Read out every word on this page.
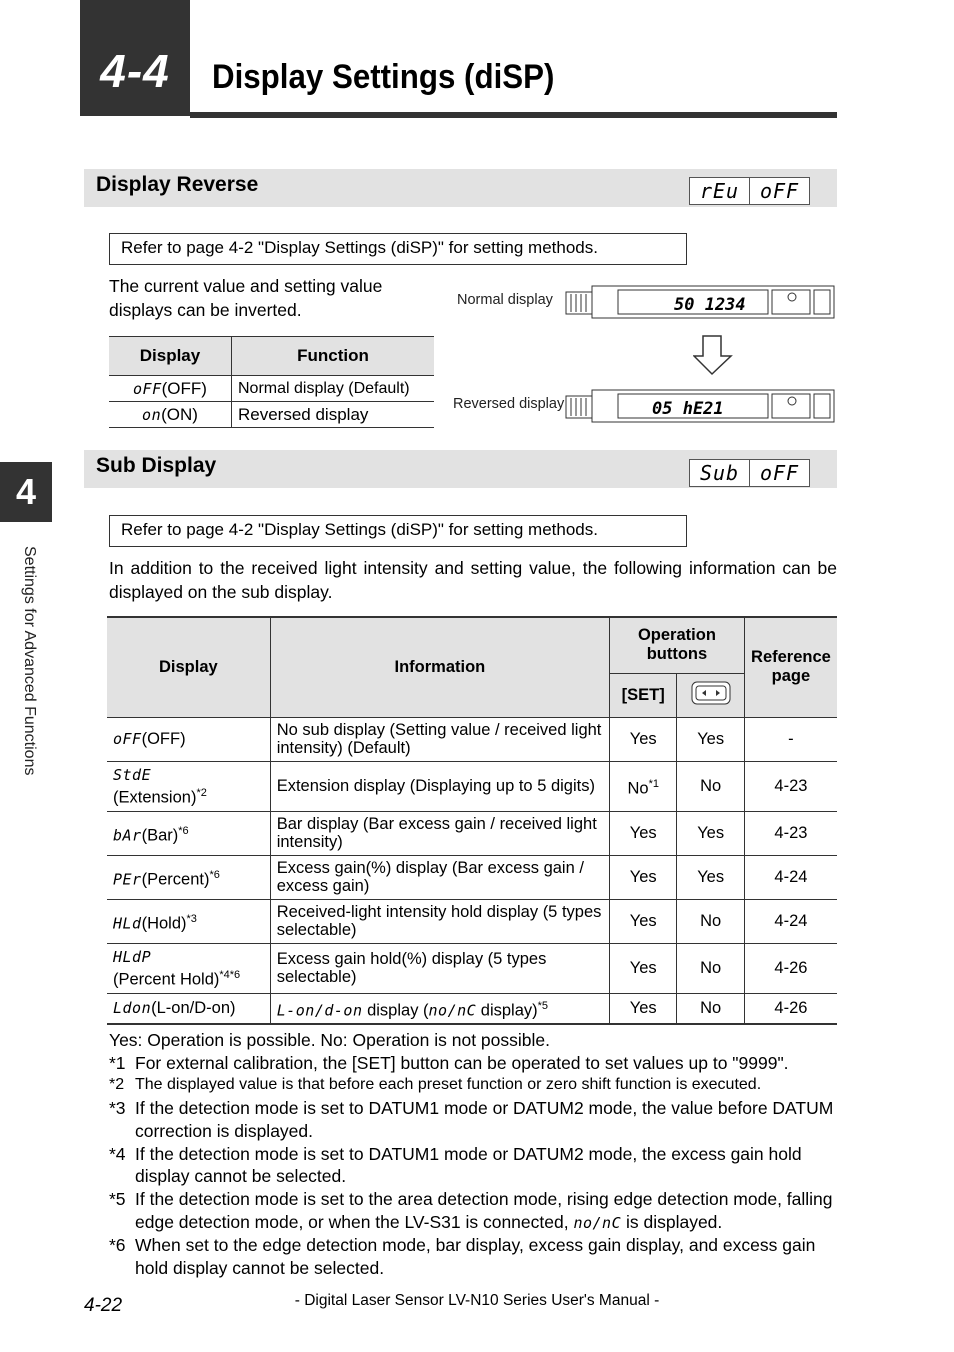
4-4	Display Settings (diSP)
4
Settings for Advanced Functions
Display Reverse	rEu	oFF
Refer to page 4-2 "Display Settings (diSP)" for setting methods.
The current value and setting value displays can be inverted.
Display	Function
oFF(OFF)	Normal display (Default)
on(ON)	Reversed display
Normal display	50 1234
Reversed display	05 hE21
Sub Display	Sub	oFF
Refer to page 4-2 "Display Settings (diSP)" for setting methods.
In addition to the received light intensity and setting value, the following information can be displayed on the sub display.
Display	Information	Operation buttons		Reference page
		[SET]	
oFF(OFF)	No sub display (Setting value / received light intensity) (Default)	Yes	Yes	-
StdE
(Extension)$^{*2}$	Extension display (Displaying up to 5 digits)	No$^{*1}$	No	4-23
bAr(Bar)$^{*6}$	Bar display (Bar excess gain / received light intensity)	Yes	Yes	4-23
PEr(Percent)$^{*6}$	Excess gain(%) display (Bar excess gain / excess gain)	Yes	Yes	4-24
HLd(Hold)$^{*3}$	Received-light intensity hold display (5 types selectable)	Yes	No	4-24
HLdP
(Percent Hold)$^{*4*6}$	Excess gain hold(%) display (5 types selectable)	Yes	No	4-26
Ldon(L-on/D-on)	L-on/d-on display (no/nC display)$^{*5}$	Yes	No	4-26
Yes: Operation is possible. No: Operation is not possible.
*1 For external calibration, the [SET] button can be operated to set values up to "9999".
*2 The displayed value is that before each preset function or zero shift function is executed.
*3 If the detection mode is set to DATUM1 mode or DATUM2 mode, the value before DATUM correction is displayed.
*4 If the detection mode is set to DATUM1 mode or DATUM2 mode, the excess gain hold display cannot be selected.
*5 If the detection mode is set to the area detection mode, rising edge detection mode, falling edge detection mode, or when the LV-S31 is connected, no/nC is displayed.
*6 When set to the edge detection mode, bar display, excess gain display, and excess gain hold display cannot be selected.
4-22	- Digital Laser Sensor LV-N10 Series User's Manual -
